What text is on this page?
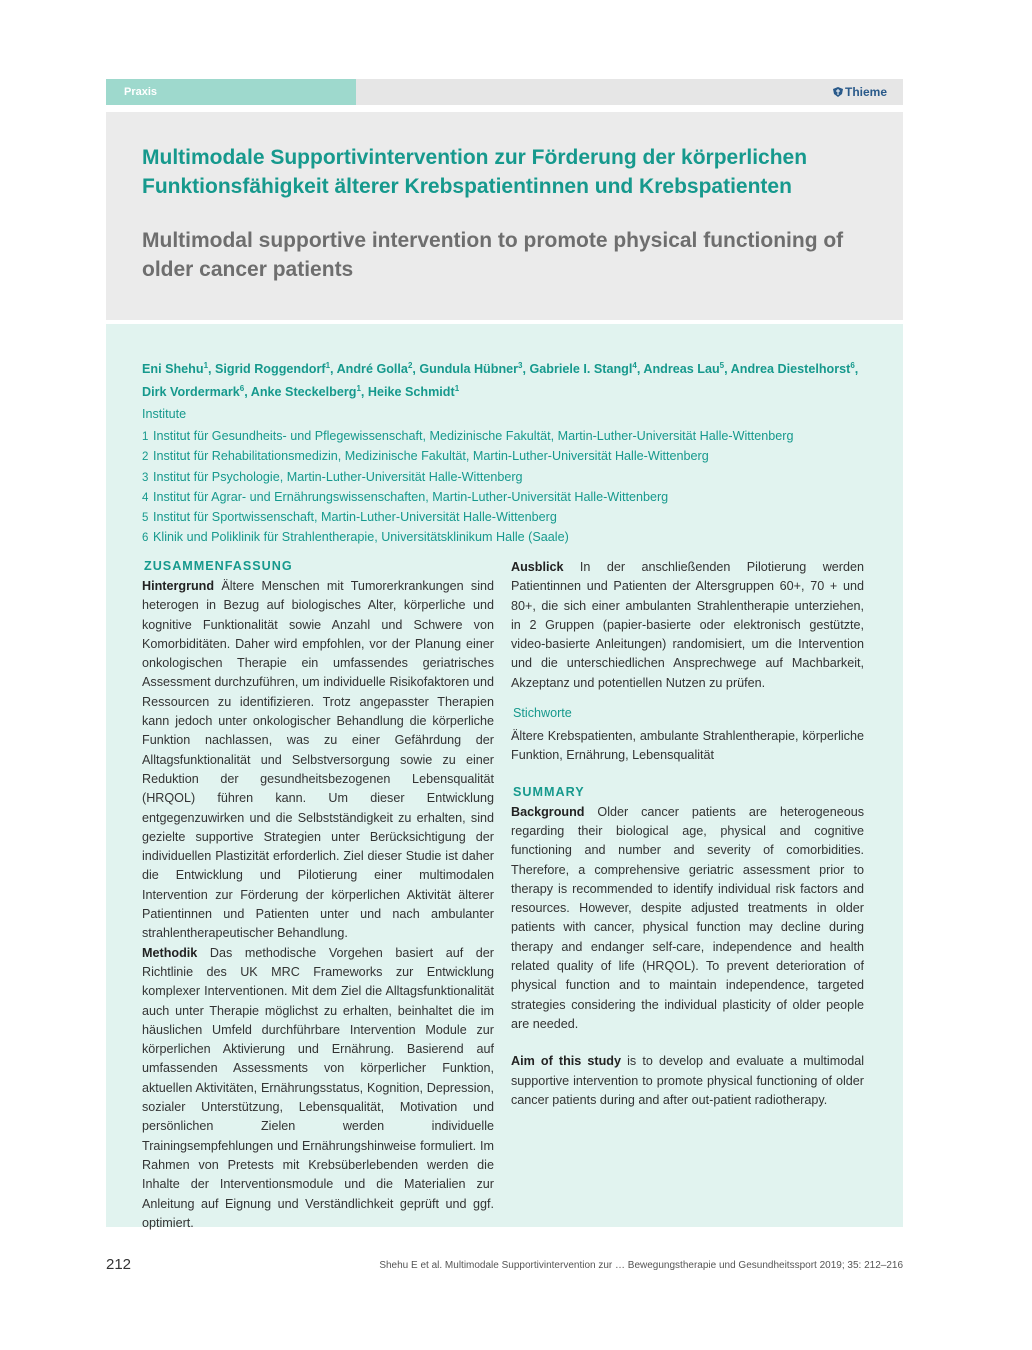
Praxis	Thieme
Multimodale Supportivintervention zur Förderung der körperlichen Funktionsfähigkeit älterer Krebspatientinnen und Krebspatienten
Multimodal supportive intervention to promote physical functioning of older cancer patients
Eni Shehu$^1$, Sigrid Roggendorf$^1$, André Golla$^2$, Gundula Hübner$^3$, Gabriele I. Stangl$^4$, Andreas Lau$^5$, Andrea Diestelhorst$^6$,
Dirk Vordermark$^6$, Anke Steckelberg$^1$, Heike Schmidt$^1$
Institute
1 Institut für Gesundheits- und Pflegewissenschaft, Medizinische Fakultät, Martin-Luther-Universität Halle-Wittenberg
2 Institut für Rehabilitationsmedizin, Medizinische Fakultät, Martin-Luther-Universität Halle-Wittenberg
3 Institut für Psychologie, Martin-Luther-Universität Halle-Wittenberg
4 Institut für Agrar- und Ernährungswissenschaften, Martin-Luther-Universität Halle-Wittenberg
5 Institut für Sportwissenschaft, Martin-Luther-Universität Halle-Wittenberg
6 Klinik und Poliklinik für Strahlentherapie, Universitätsklinikum Halle (Saale)
ZUSAMMENFASSUNG

Hintergrund Ältere Menschen mit Tumorerkrankungen sind heterogen in Bezug auf biologisches Alter, körperliche und kognitive Funktionalität sowie Anzahl und Schwere von Komorbiditäten. Daher wird empfohlen, vor der Planung einer onkologischen Therapie ein umfassendes geriatrisches Assessment durchzuführen, um individuelle Risikofaktoren und Ressourcen zu identifizieren. Trotz angepasster Therapien kann jedoch unter onkologischer Behandlung die körperliche Funktion nachlassen, was zu einer Gefährdung der Alltagsfunktionalität und Selbstversorgung sowie zu einer Reduktion der gesundheitsbezogenen Lebensqualität (HRQOL) führen kann. Um dieser Entwicklung entgegenzuwirken und die Selbstständigkeit zu erhalten, sind gezielte supportive Strategien unter Berücksichtigung der individuellen Plastizität erforderlich. Ziel dieser Studie ist daher die Entwicklung und Pilotierung einer multimodalen Intervention zur Förderung der körperlichen Aktivität älterer Patientinnen und Patienten unter und nach ambulanter strahlentherapeutischer Behandlung.

Methodik Das methodische Vorgehen basiert auf der Richtlinie des UK MRC Frameworks zur Entwicklung komplexer Interventionen. Mit dem Ziel die Alltagsfunktionalität auch unter Therapie möglichst zu erhalten, beinhaltet die im häuslichen Umfeld durchführbare Intervention Module zur körperlichen Aktivierung und Ernährung. Basierend auf umfassenden Assessments von körperlicher Funktion, aktuellen Aktivitäten, Ernährungsstatus, Kognition, Depression, sozialer Unterstützung, Lebensqualität, Motivation und persönlichen Zielen werden individuelle Trainingsempfehlungen und Ernährungshinweise formuliert. Im Rahmen von Pretests mit Krebsüberlebenden werden die Inhalte der Interventionsmodule und die Materialien zur Anleitung auf Eignung und Verständlichkeit geprüft und ggf. optimiert.

Ausblick In der anschließenden Pilotierung werden Patientinnen und Patienten der Altersgruppen 60+, 70 + und 80+, die sich einer ambulanten Strahlentherapie unterziehen, in 2 Gruppen (papier-basierte oder elektronisch gestützte, video-basierte Anleitungen) randomisiert, um die Intervention und die unterschiedlichen Ansprechwege auf Machbarkeit, Akzeptanz und potentiellen Nutzen zu prüfen.

Stichworte

Ältere Krebspatienten, ambulante Strahlentherapie, körperliche Funktion, Ernährung, Lebensqualität

SUMMARY

Background Older cancer patients are heterogeneous regarding their biological age, physical and cognitive functioning and number and severity of comorbidities. Therefore, a comprehensive geriatric assessment prior to therapy is recommended to identify individual risk factors and resources. However, despite adjusted treatments in older patients with cancer, physical function may decline during therapy and endanger self-care, independence and health related quality of life (HRQOL). To prevent deterioration of physical function and to maintain independence, targeted strategies considering the individual plasticity of older people are needed.

Aim of this study is to develop and evaluate a multimodal supportive intervention to promote physical functioning of older cancer patients during and after out-patient radiotherapy.

212	Shehu E et al. Multimodale Supportivintervention zur … Bewegungstherapie und Gesundheitssport 2019; 35: 212–216
